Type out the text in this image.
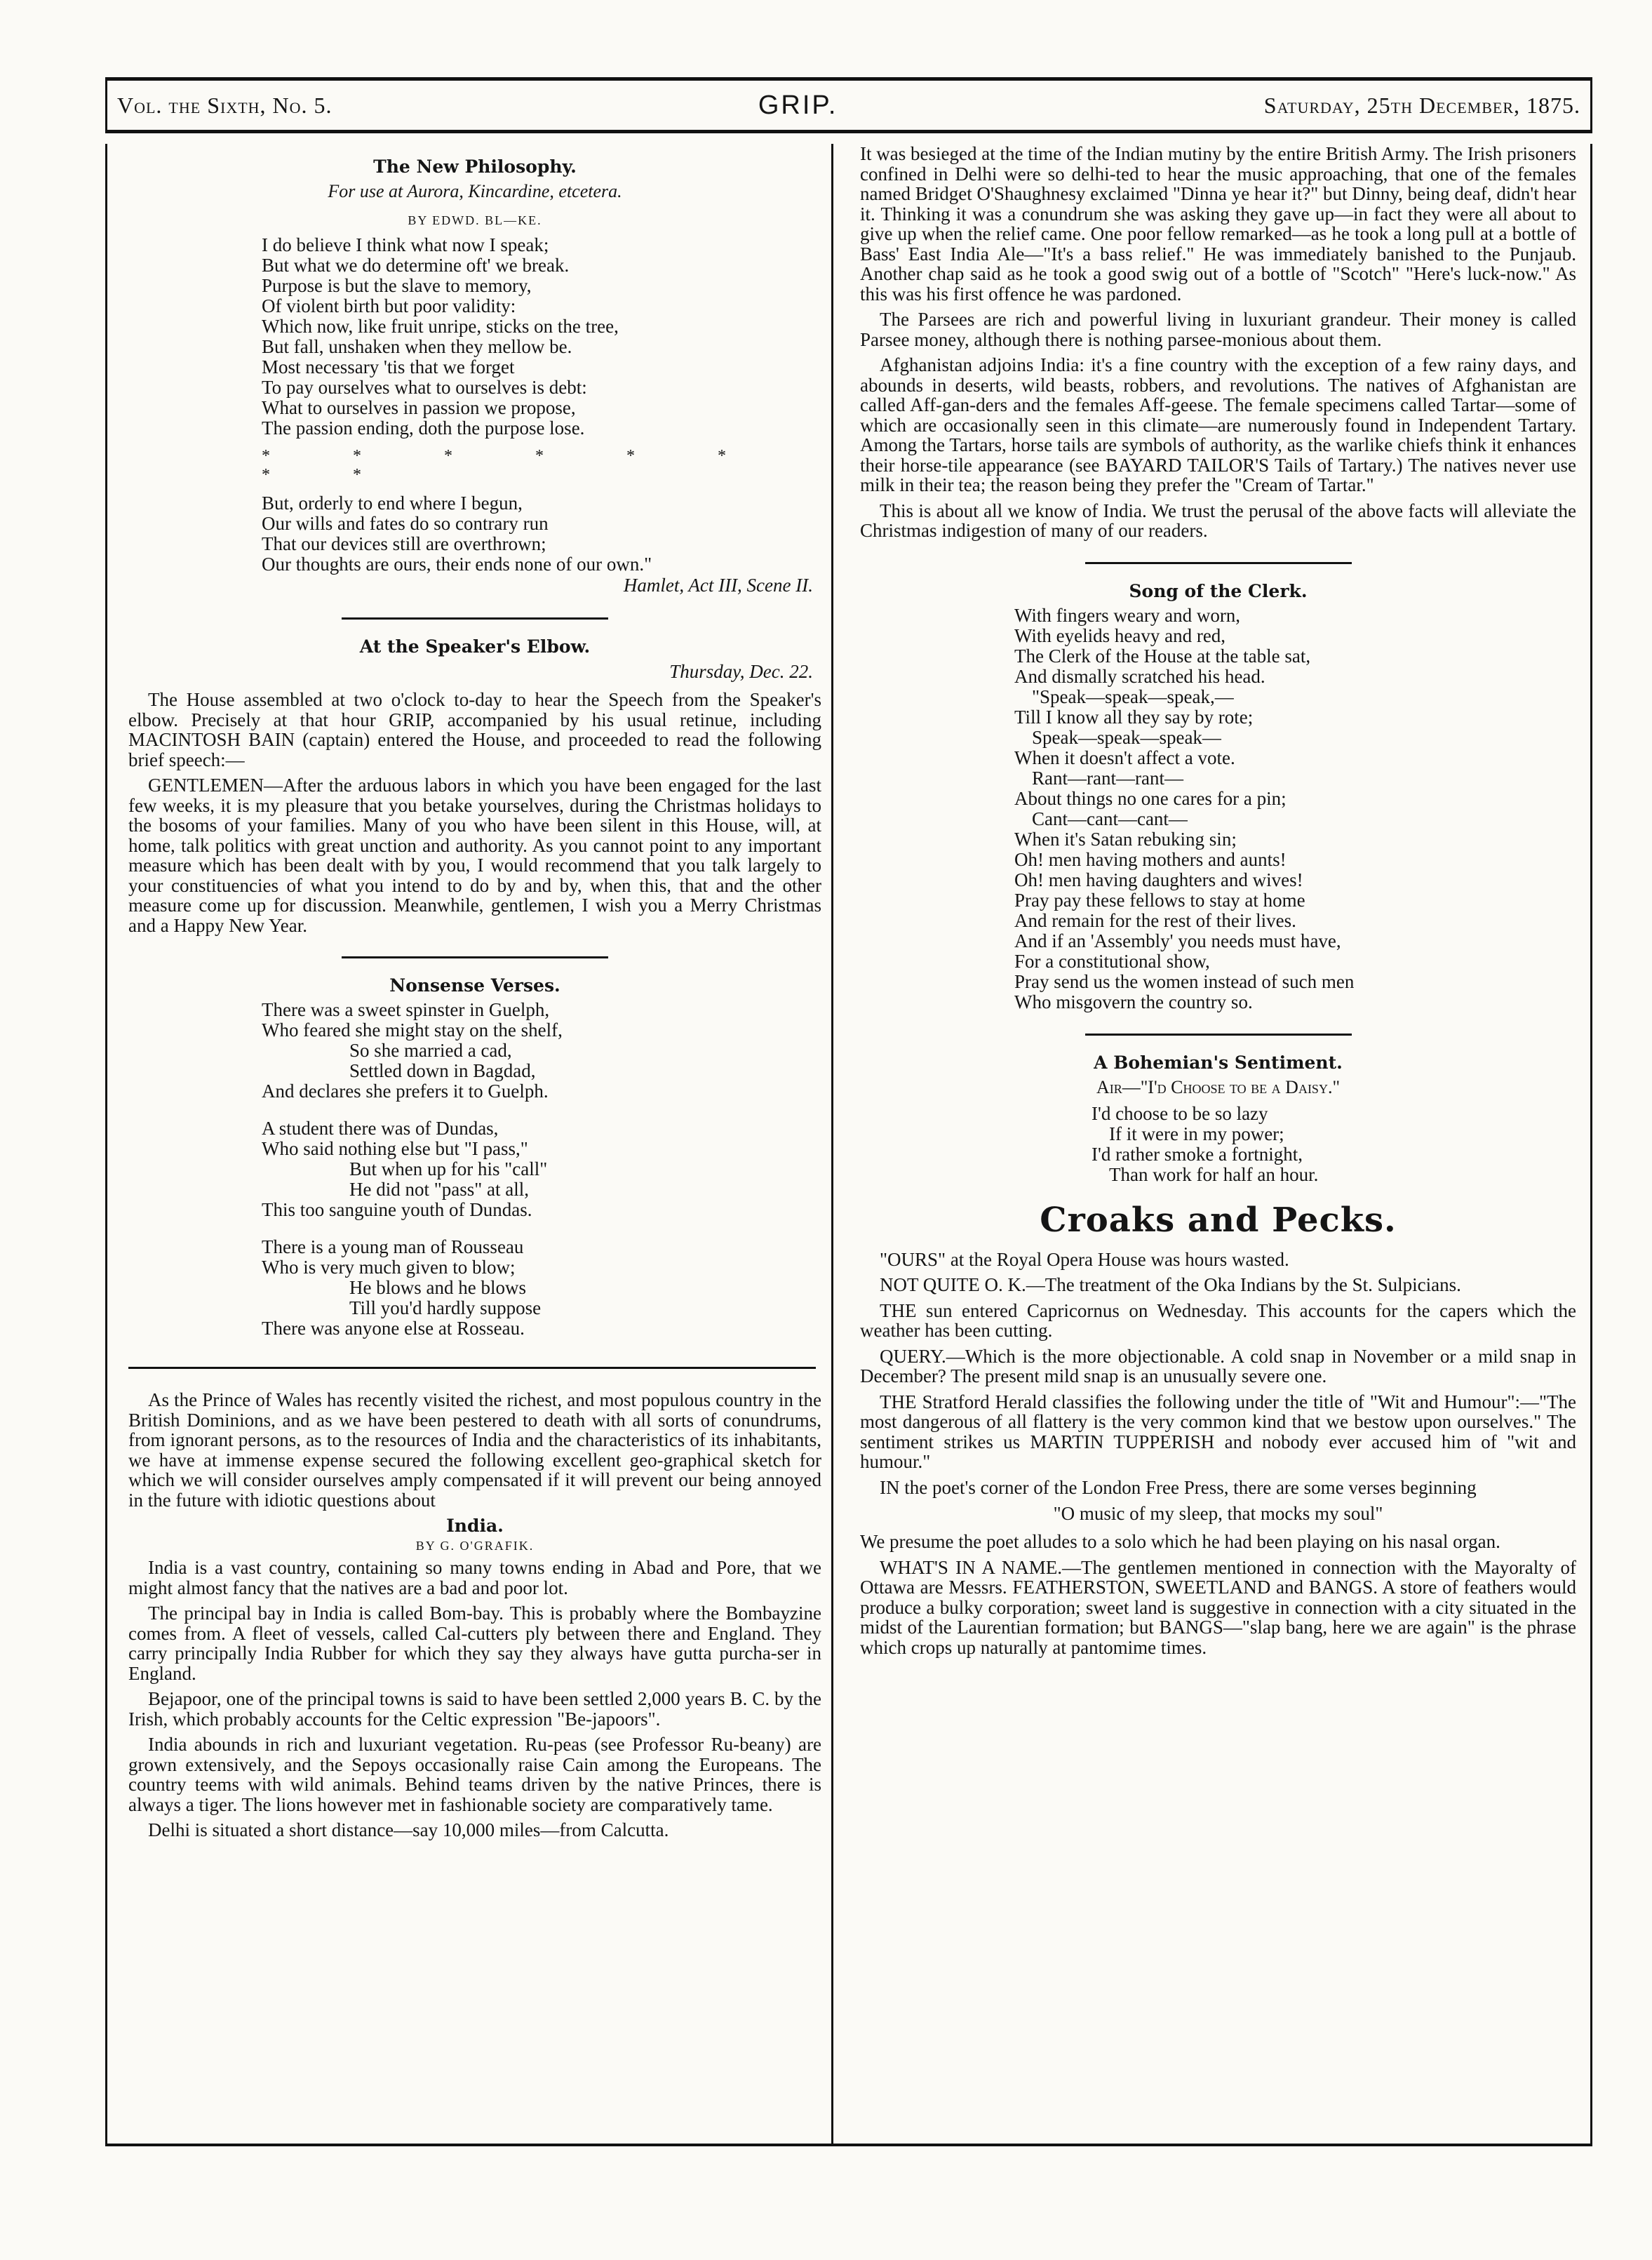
Vol. the Sixth, No. 5.	GRIP.	Saturday, 25th December, 1875.
The New Philosophy.
For use at Aurora, Kincardine, etcetera.
BY EDWD. BL—KE.
I do believe I think what now I speak;
But what we do determine oft' we break.
Purpose is but the slave to memory,
Of violent birth but poor validity:
Which now, like fruit unripe, sticks on the tree,
But fall, unshaken when they mellow be.
Most necessary 'tis that we forget
To pay ourselves what to ourselves is debt:
What to ourselves in passion we propose,
The passion ending, doth the purpose lose.
* * * * * * * *
But, orderly to end where I begun,
Our wills and fates do so contrary run
That our devices still are overthrown;
Our thoughts are ours, their ends none of our own."
Hamlet, Act III, Scene II.
At the Speaker's Elbow.
Thursday, Dec. 22.

The House assembled at two o'clock to-day to hear the Speech from the Speaker's elbow. Precisely at that hour GRIP, accompanied by his usual retinue, including MACINTOSH BAIN (captain) entered the House, and proceeded to read the following brief speech:—

GENTLEMEN—After the arduous labors in which you have been engaged for the last few weeks, it is my pleasure that you betake yourselves, during the Christmas holidays to the bosoms of your families. Many of you who have been silent in this House, will, at home, talk politics with great unction and authority. As you cannot point to any important measure which has been dealt with by you, I would recommend that you talk largely to your constituencies of what you intend to do by and by, when this, that and the other measure come up for discussion. Meanwhile, gentlemen, I wish you a Merry Christmas and a Happy New Year.

Nonsense Verses.
There was a sweet spinster in Guelph,
Who feared she might stay on the shelf,
So she married a cad,
Settled down in Bagdad,
And declares she prefers it to Guelph.
A student there was of Dundas,
Who said nothing else but "I pass,"
But when up for his "call"
He did not "pass" at all,
This too sanguine youth of Dundas.
There is a young man of Rousseau
Who is very much given to blow;
He blows and he blows
Till you'd hardly suppose
There was anyone else at Rosseau.

As the Prince of Wales has recently visited the richest, and most populous country in the British Dominions, and as we have been pestered to death with all sorts of conundrums, from ignorant persons, as to the resources of India and the characteristics of its inhabitants, we have at immense expense secured the following excellent geo-graphical sketch for which we will consider ourselves amply compensated if it will prevent our being annoyed in the future with idiotic questions about

India.
BY G. O'GRAFIK.

India is a vast country, containing so many towns ending in Abad and Pore, that we might almost fancy that the natives are a bad and poor lot.

The principal bay in India is called Bom-bay. This is probably where the Bombayzine comes from. A fleet of vessels, called Cal-cutters ply between there and England. They carry principally India Rubber for which they say they always have gutta purcha-ser in England.

Bejapoor, one of the principal towns is said to have been settled 2,000 years B. C. by the Irish, which probably accounts for the Celtic expression "Be-japoors".

India abounds in rich and luxuriant vegetation. Ru-peas (see Professor Ru-beany) are grown extensively, and the Sepoys occasionally raise Cain among the Europeans. The country teems with wild animals. Behind teams driven by the native Princes, there is always a tiger. The lions however met in fashionable society are comparatively tame.

Delhi is situated a short distance—say 10,000 miles—from Calcutta.

It was besieged at the time of the Indian mutiny by the entire British Army. The Irish prisoners confined in Delhi were so delhi-ted to hear the music approaching, that one of the females named Bridget O'Shaughnesy exclaimed "Dinna ye hear it?" but Dinny, being deaf, didn't hear it. Thinking it was a conundrum she was asking they gave up—in fact they were all about to give up when the relief came. One poor fellow remarked—as he took a long pull at a bottle of Bass' East India Ale—"It's a bass relief." He was immediately banished to the Punjaub. Another chap said as he took a good swig out of a bottle of "Scotch" "Here's luck-now." As this was his first offence he was pardoned.

The Parsees are rich and powerful living in luxuriant grandeur. Their money is called Parsee money, although there is nothing parsee-monious about them.

Afghanistan adjoins India: it's a fine country with the exception of a few rainy days, and abounds in deserts, wild beasts, robbers, and revolutions. The natives of Afghanistan are called Aff-gan-ders and the females Aff-geese. The female specimens called Tartar—some of which are occasionally seen in this climate—are numerously found in Independent Tartary. Among the Tartars, horse tails are symbols of authority, as the warlike chiefs think it enhances their horse-tile appearance (see BAYARD TAILOR'S Tails of Tartary.) The natives never use milk in their tea; the reason being they prefer the "Cream of Tartar."

This is about all we know of India. We trust the perusal of the above facts will alleviate the Christmas indigestion of many of our readers.

Song of the Clerk.
With fingers weary and worn,
With eyelids heavy and red,
The Clerk of the House at the table sat,
And dismally scratched his head.
"Speak—speak—speak,—
Till I know all they say by rote;
Speak—speak—speak—
When it doesn't affect a vote.
Rant—rant—rant—
About things no one cares for a pin;
Cant—cant—cant—
When it's Satan rebuking sin;
Oh! men having mothers and aunts!
Oh! men having daughters and wives!
Pray pay these fellows to stay at home
And remain for the rest of their lives.
And if an 'Assembly' you needs must have,
For a constitutional show,
Pray send us the women instead of such men
Who misgovern the country so.
A Bohemian's Sentiment.
Air—"I'd Choose to be a Daisy."
I'd choose to be so lazy
If it were in my power;
I'd rather smoke a fortnight,
Than work for half an hour.
Croaks and Pecks.

"OURS" at the Royal Opera House was hours wasted.

NOT QUITE O. K.—The treatment of the Oka Indians by the St. Sulpicians.

THE sun entered Capricornus on Wednesday. This accounts for the capers which the weather has been cutting.

QUERY.—Which is the more objectionable. A cold snap in November or a mild snap in December? The present mild snap is an unusually severe one.

THE Stratford Herald classifies the following under the title of "Wit and Humour":—"The most dangerous of all flattery is the very common kind that we bestow upon ourselves." The sentiment strikes us MARTIN TUPPERISH and nobody ever accused him of "wit and humour."

IN the poet's corner of the London Free Press, there are some verses beginning

"O music of my sleep, that mocks my soul"

We presume the poet alludes to a solo which he had been playing on his nasal organ.

WHAT'S IN A NAME.—The gentlemen mentioned in connection with the Mayoralty of Ottawa are Messrs. FEATHERSTON, SWEETLAND and BANGS. A store of feathers would produce a bulky corporation; sweet land is suggestive in connection with a city situated in the midst of the Laurentian formation; but BANGS—"slap bang, here we are again" is the phrase which crops up naturally at pantomime times.
